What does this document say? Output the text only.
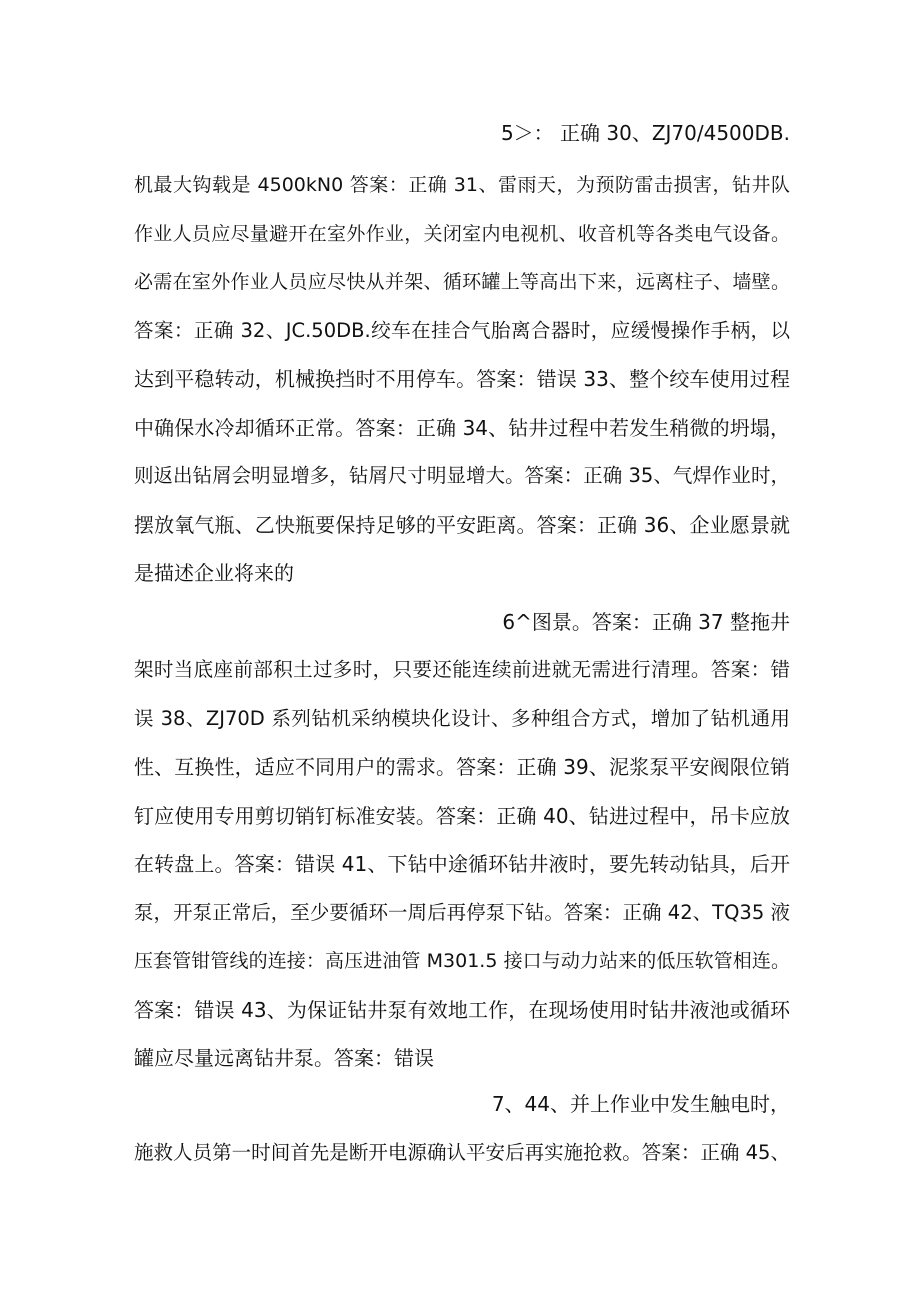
5＞： 正确 30、ZJ70/4500DB.
机最大钩载是 4500kN0 答案：正确 31、雷雨天，为预防雷击损害，钻井队
作业人员应尽量避开在室外作业，关闭室内电视机、收音机等各类电气设备。
必需在室外作业人员应尽快从并架、循环罐上等高出下来，远离柱子、墙壁。
答案：正确 32、JC.50DB.绞车在挂合气胎离合器时，应缓慢操作手柄，以
达到平稳转动，机械换挡时不用停车。答案：错误 33、整个绞车使用过程
中确保水冷却循环正常。答案：正确 34、钻井过程中若发生稍微的坍塌，
则返出钻屑会明显增多，钻屑尺寸明显增大。答案：正确 35、气焊作业时，
摆放氧气瓶、乙快瓶要保持足够的平安距离。答案：正确 36、企业愿景就
是描述企业将来的
6^图景。答案：正确 37 整拖井
架时当底座前部积土过多时，只要还能连续前进就无需进行清理。答案：错
误 38、ZJ70D 系列钻机采纳模块化设计、多种组合方式，增加了钻机通用
性、互换性，适应不同用户的需求。答案：正确 39、泥浆泵平安阀限位销
钉应使用专用剪切销钉标准安装。答案：正确 40、钻进过程中，吊卡应放
在转盘上。答案：错误 41、下钻中途循环钻井液时，要先转动钻具，后开
泵，开泵正常后，至少要循环一周后再停泵下钻。答案：正确 42、TQ35 液
压套管钳管线的连接：高压进油管 M301.5 接口与动力站来的低压软管相连。
答案：错误 43、为保证钻井泵有效地工作，在现场使用时钻井液池或循环
罐应尽量远离钻井泵。答案：错误
7、44、并上作业中发生触电时，
施救人员第一时间首先是断开电源确认平安后再实施抢救。答案：正确 45、
